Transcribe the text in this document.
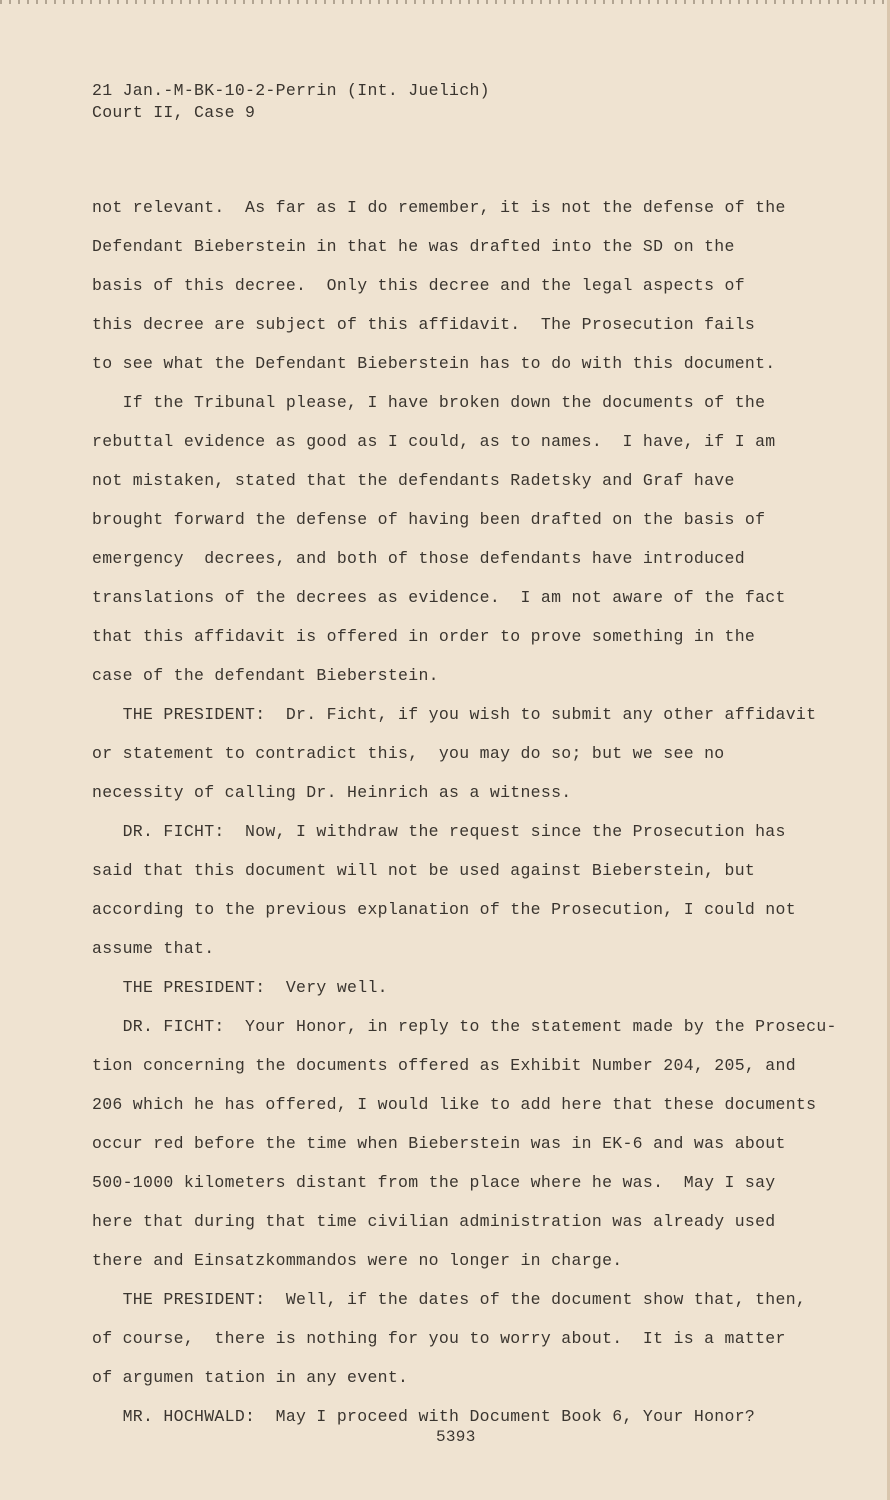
21 Jan.-M-BK-10-2-Perrin (Int. Juelich)
Court II, Case 9
not relevant.  As far as I do remember, it is not the defense of the
Defendant Bieberstein in that he was drafted into the SD on the
basis of this decree.  Only this decree and the legal aspects of
this decree are subject of this affidavit.  The Prosecution fails
to see what the Defendant Bieberstein has to do with this document.
If the Tribunal please, I have broken down the documents of the
rebuttal evidence as good as I could, as to names.  I have, if I am
not mistaken, stated that the defendants Radetsky and Graf have
brought forward the defense of having been drafted on the basis of
emergency  decrees, and both of those defendants have introduced
translations of the decrees as evidence.  I am not aware of the fact
that this affidavit is offered in order to prove something in the
case of the defendant Bieberstein.
THE PRESIDENT:  Dr. Ficht, if you wish to submit any other affidavit
or statement to contradict this,  you may do so; but we see no
necessity of calling Dr. Heinrich as a witness.
DR. FICHT:  Now, I withdraw the request since the Prosecution has
said that this document will not be used against Bieberstein, but
according to the previous explanation of the Prosecution, I could not
assume that.
THE PRESIDENT:  Very well.
DR. FICHT:  Your Honor, in reply to the statement made by the Prosecu-
tion concerning the documents offered as Exhibit Number 204, 205, and
206 which he has offered, I would like to add here that these documents
occur red before the time when Bieberstein was in EK-6 and was about
500-1000 kilometers distant from the place where he was.  May I say
here that during that time civilian administration was already used
there and Einsatzkommandos were no longer in charge.
THE PRESIDENT:  Well, if the dates of the document show that, then,
of course,  there is nothing for you to worry about.  It is a matter
of argumen tation in any event.
MR. HOCHWALD:  May I proceed with Document Book 6, Your Honor?
5393
